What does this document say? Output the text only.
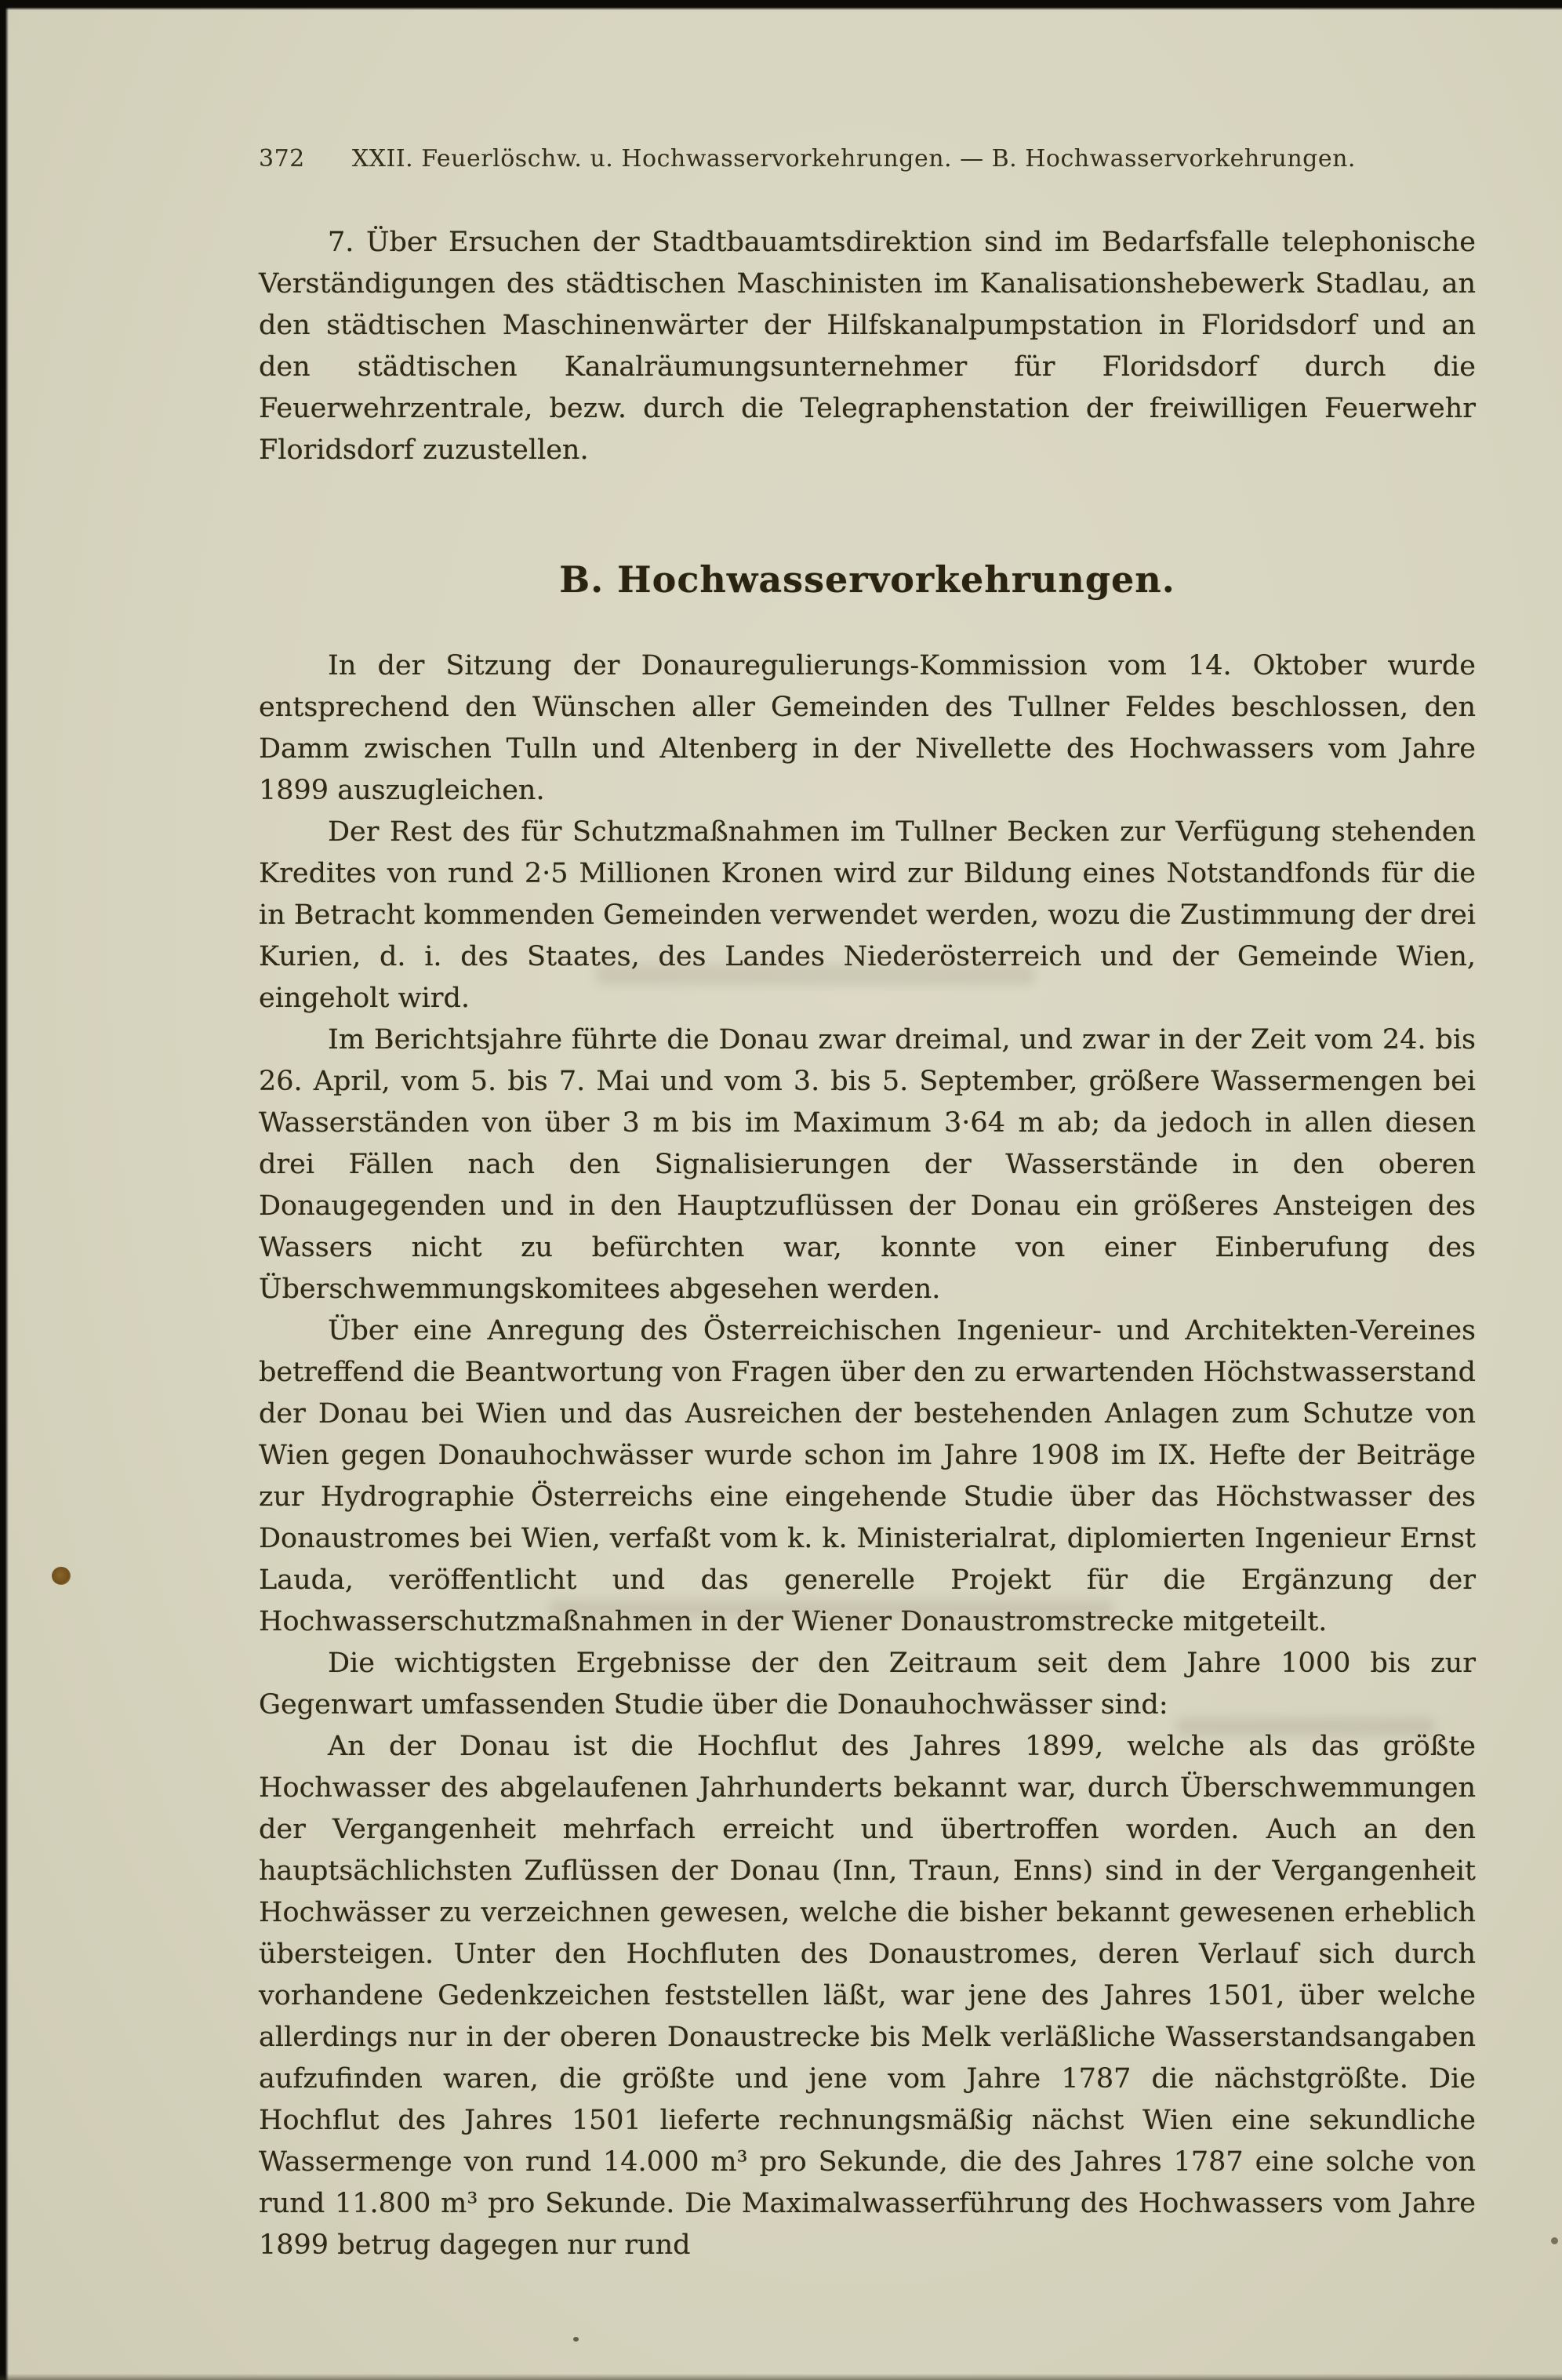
372 XXII. Feuerlöschw. u. Hochwasservorkehrungen. — B. Hochwasservorkehrungen.

7. Über Ersuchen der Stadtbauamtsdirektion sind im Bedarfsfalle telephonische Verständigungen des städtischen Maschinisten im Kanalisationshebewerk Stadlau, an den städtischen Maschinenwärter der Hilfskanalpumpstation in Floridsdorf und an den städtischen Kanalräumungsunternehmer für Floridsdorf durch die Feuerwehrzentrale, bezw. durch die Telegraphenstation der freiwilligen Feuerwehr Floridsdorf zuzustellen.

B. Hochwasservorkehrungen.

In der Sitzung der Donauregulierungs-Kommission vom 14. Oktober wurde entsprechend den Wünschen aller Gemeinden des Tullner Feldes beschlossen, den Damm zwischen Tulln und Altenberg in der Nivellette des Hochwassers vom Jahre 1899 auszugleichen.

Der Rest des für Schutzmaßnahmen im Tullner Becken zur Verfügung stehenden Kredites von rund 2·5 Millionen Kronen wird zur Bildung eines Notstandfonds für die in Betracht kommenden Gemeinden verwendet werden, wozu die Zustimmung der drei Kurien, d. i. des Staates, des Landes Niederösterreich und der Gemeinde Wien, eingeholt wird.

Im Berichtsjahre führte die Donau zwar dreimal, und zwar in der Zeit vom 24. bis 26. April, vom 5. bis 7. Mai und vom 3. bis 5. September, größere Wassermengen bei Wasserständen von über 3 m bis im Maximum 3·64 m ab; da jedoch in allen diesen drei Fällen nach den Signalisierungen der Wasserstände in den oberen Donaugegenden und in den Hauptzuflüssen der Donau ein größeres Ansteigen des Wassers nicht zu befürchten war, konnte von einer Einberufung des Überschwemmungskomitees abgesehen werden.

Über eine Anregung des Österreichischen Ingenieur- und Architekten-Vereines betreffend die Beantwortung von Fragen über den zu erwartenden Höchstwasserstand der Donau bei Wien und das Ausreichen der bestehenden Anlagen zum Schutze von Wien gegen Donauhochwässer wurde schon im Jahre 1908 im IX. Hefte der Beiträge zur Hydrographie Österreichs eine eingehende Studie über das Höchstwasser des Donaustromes bei Wien, verfaßt vom k. k. Ministerialrat, diplomierten Ingenieur Ernst Lauda, veröffentlicht und das generelle Projekt für die Ergänzung der Hochwasserschutzmaßnahmen in der Wiener Donaustromstrecke mitgeteilt.

Die wichtigsten Ergebnisse der den Zeitraum seit dem Jahre 1000 bis zur Gegenwart umfassenden Studie über die Donauhochwässer sind:

An der Donau ist die Hochflut des Jahres 1899, welche als das größte Hochwasser des abgelaufenen Jahrhunderts bekannt war, durch Überschwemmungen der Vergangenheit mehrfach erreicht und übertroffen worden. Auch an den hauptsächlichsten Zuflüssen der Donau (Inn, Traun, Enns) sind in der Vergangenheit Hochwässer zu verzeichnen gewesen, welche die bisher bekannt gewesenen erheblich übersteigen. Unter den Hochfluten des Donaustromes, deren Verlauf sich durch vorhandene Gedenkzeichen feststellen läßt, war jene des Jahres 1501, über welche allerdings nur in der oberen Donaustrecke bis Melk verläßliche Wasserstandsangaben aufzufinden waren, die größte und jene vom Jahre 1787 die nächstgrößte. Die Hochflut des Jahres 1501 lieferte rechnungsmäßig nächst Wien eine sekundliche Wassermenge von rund 14.000 m³ pro Sekunde, die des Jahres 1787 eine solche von rund 11.800 m³ pro Sekunde. Die Maximalwasserführung des Hochwassers vom Jahre 1899 betrug dagegen nur rund
